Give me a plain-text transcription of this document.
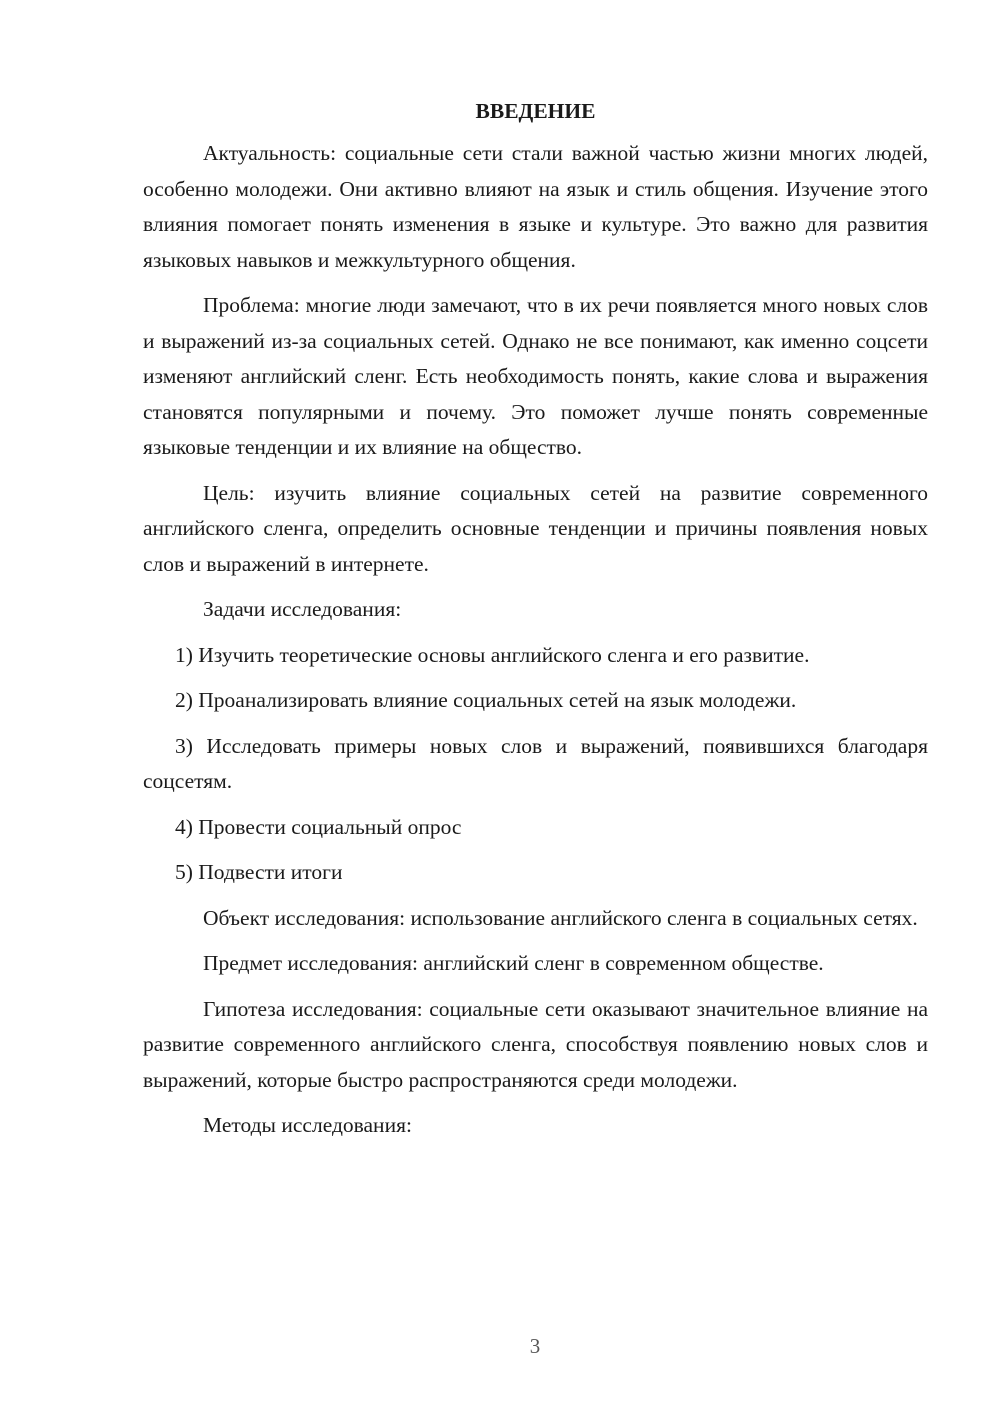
ВВЕДЕНИЕ

Актуальность: социальные сети стали важной частью жизни многих людей, особенно молодежи. Они активно влияют на язык и стиль общения. Изучение этого влияния помогает понять изменения в языке и культуре. Это важно для развития языковых навыков и межкультурного общения.

Проблема: многие люди замечают, что в их речи появляется много новых слов и выражений из-за социальных сетей. Однако не все понимают, как именно соцсети изменяют английский сленг. Есть необходимость понять, какие слова и выражения становятся популярными и почему. Это поможет лучше понять современные языковые тенденции и их влияние на общество.

Цель: изучить влияние социальных сетей на развитие современного английского сленга, определить основные тенденции и причины появления новых слов и выражений в интернете.

Задачи исследования:

1) Изучить теоретические основы английского сленга и его развитие.

2) Проанализировать влияние социальных сетей на язык молодежи.

3) Исследовать примеры новых слов и выражений, появившихся благодаря соцсетям.

4) Провести социальный опрос

5) Подвести итоги

Объект исследования: использование английского сленга в социальных сетях.

Предмет исследования: английский сленг в современном обществе.

Гипотеза исследования: социальные сети оказывают значительное влияние на развитие современного английского сленга, способствуя появлению новых слов и выражений, которые быстро распространяются среди молодежи.

Методы исследования:

3
